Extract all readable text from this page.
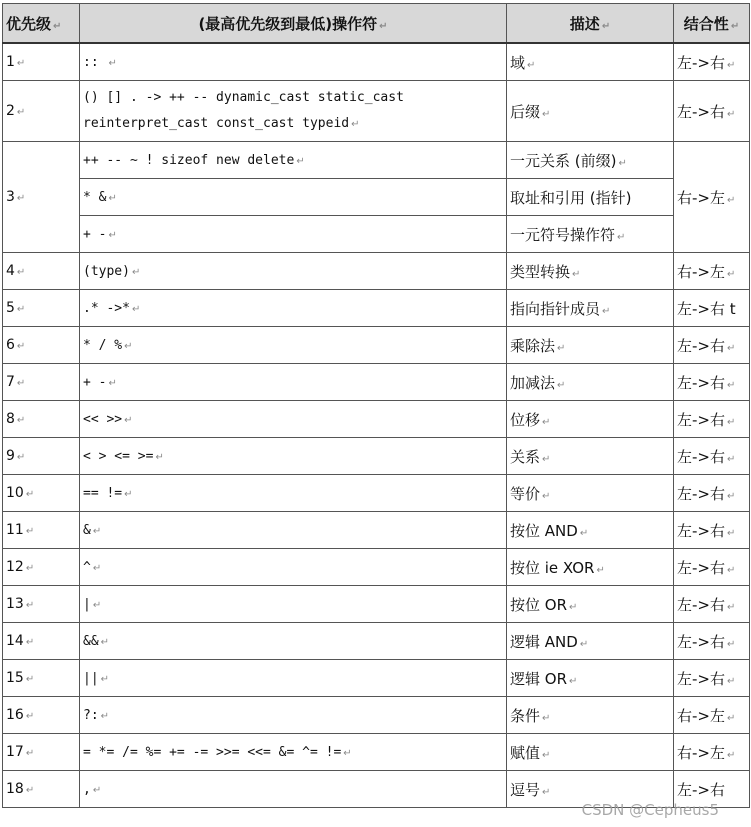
优先级 ↵	(最高优先级到最低)操作符 ↵	描述 ↵	结合性 ↵
1 ↵	:: ↵	域 ↵	左->右 ↵
2 ↵	() [] . -> ++ -- dynamic_cast static_cast reinterpret_cast const_cast typeid ↵	后缀 ↵	左->右 ↵
3 ↵	++ -- ~ ! sizeof new delete ↵	一元关系 (前缀) ↵	右->左 ↵
	* & ↵	取址和引用 (指针)	
	+ - ↵	一元符号操作符 ↵
4 ↵	(type) ↵	类型转换 ↵	右->左 ↵
5 ↵	.* ->* ↵	指向指针成员 ↵	左->右 t
6 ↵	* / % ↵	乘除法 ↵	左->右 ↵
7 ↵	+ - ↵	加减法 ↵	左->右 ↵
8 ↵	<< >> ↵	位移 ↵	左->右 ↵
9 ↵	< > <= >= ↵	关系 ↵	左->右 ↵
10 ↵	== != ↵	等价 ↵	左->右 ↵
11 ↵	& ↵	按位 AND ↵	左->右 ↵
12 ↵	^ ↵	按位 ie XOR ↵	左->右 ↵
13 ↵	| ↵	按位 OR ↵	左->右 ↵
14 ↵	&& ↵	逻辑 AND ↵	左->右 ↵
15 ↵	|| ↵	逻辑 OR ↵	左->右 ↵
16 ↵	?: ↵	条件 ↵	右->左 ↵
17 ↵	= *= /= %= += -= >>= <<= &= ^= != ↵	赋值 ↵	右->左 ↵
18 ↵	, ↵	逗号 ↵	左->右
CSDN @Cepheus5
